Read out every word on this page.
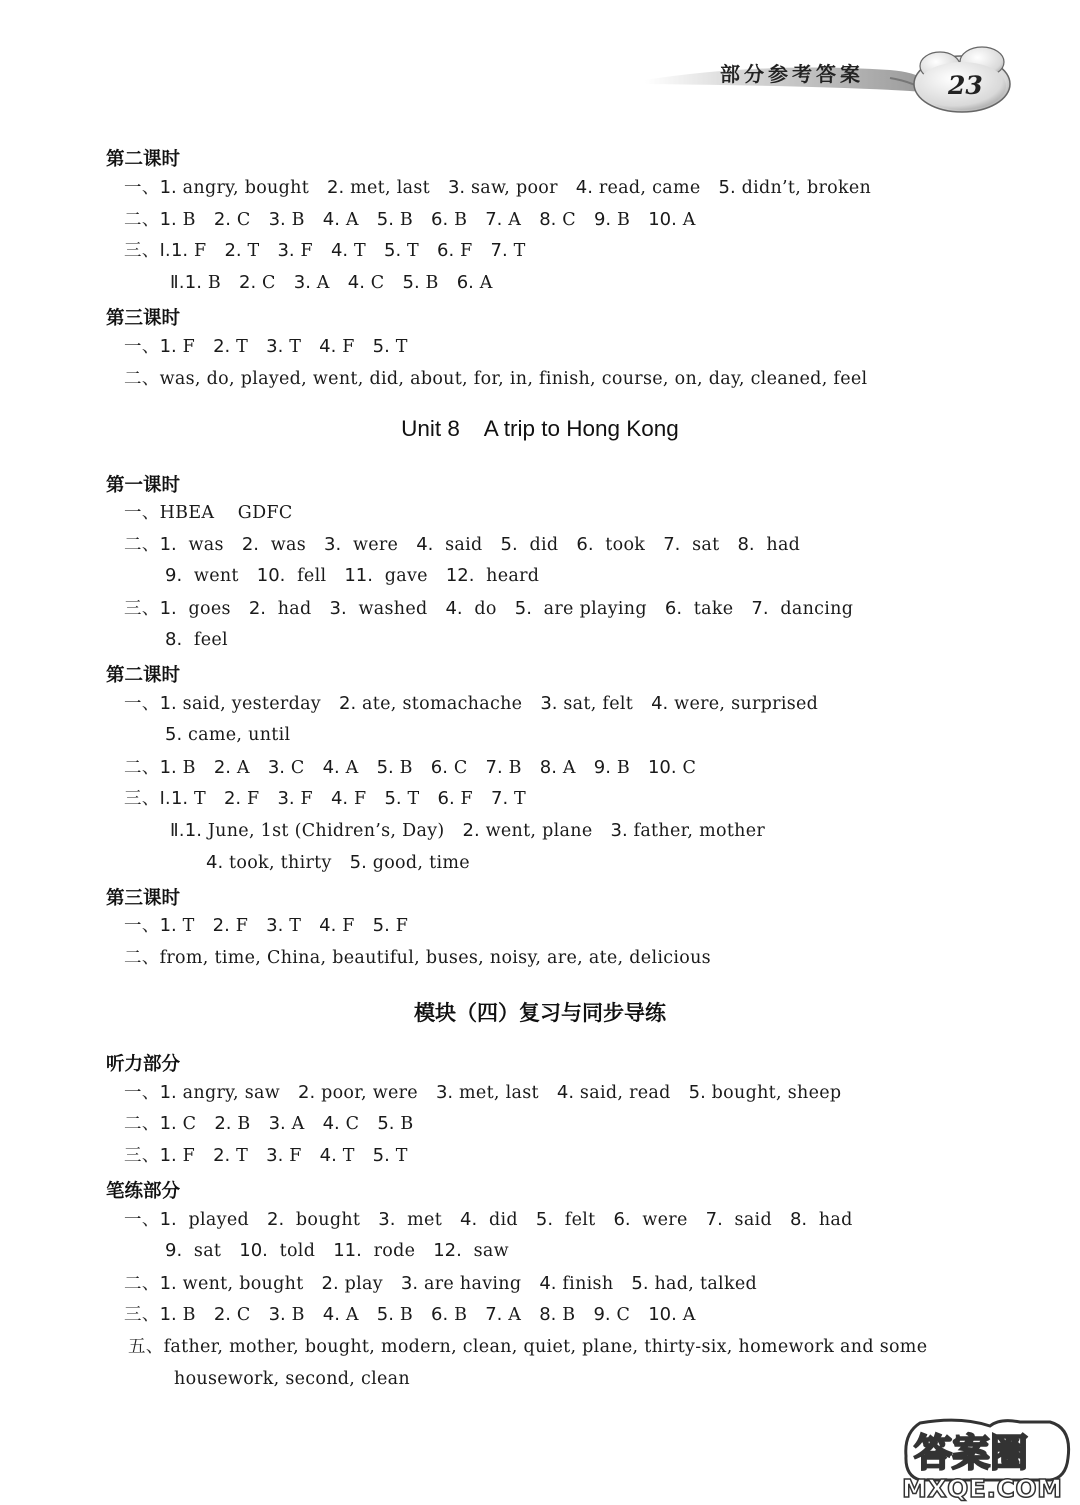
部分参考答案	23
第二课时
一、1. angry, bought 2. met, last 3. saw, poor 4. read, came 5. didn’t, broken
二、1. B 2. C 3. B 4. A 5. B 6. B 7. A 8. C 9. B 10. A
三、Ⅰ.1. F 2. T 3. F 4. T 5. T 6. F 7. T
Ⅱ.1. B 2. C 3. A 4. C 5. B 6. A
第三课时
一、1. F 2. T 3. T 4. F 5. T
二、was, do, played, went, did, about, for, in, finish, course, on, day, cleaned, feel
Unit 8    A trip to Hong Kong
第一课时
一、HBEA    GDFC
二、1.  was 2.  was 3.  were 4.  said 5.  did 6.  took 7.  sat 8.  had
9.  went 10.  fell 11.  gave 12.  heard
三、1.  goes 2.  had 3.  washed 4.  do 5.  are playing 6.  take 7.  dancing
8.  feel
第二课时
一、1. said, yesterday 2. ate, stomachache 3. sat, felt 4. were, surprised
5. came, until
二、1. B 2. A 3. C 4. A 5. B 6. C 7. B 8. A 9. B 10. C
三、Ⅰ.1. T 2. F 3. F 4. F 5. T 6. F 7. T
Ⅱ.1. June, 1st (Chidren’s, Day) 2. went, plane 3. father, mother
4. took, thirty 5. good, time
第三课时
一、1. T 2. F 3. T 4. F 5. F
二、from, time, China, beautiful, buses, noisy, are, ate, delicious
模块（四）复习与同步导练
听力部分
一、1. angry, saw 2. poor, were 3. met, last 4. said, read 5. bought, sheep
二、1. C 2. B 3. A 4. C 5. B
三、1. F 2. T 3. F 4. T 5. T
笔练部分
一、1.  played 2.  bought 3.  met 4.  did 5.  felt 6.  were 7.  said 8.  had
9.  sat 10.  told 11.  rode 12.  saw
二、1. went, bought 2. play 3. are having 4. finish 5. had, talked
三、1. B 2. C 3. B 4. A 5. B 6. B 7. A 8. B 9. C 10. A
五、father, mother, bought, modern, clean, quiet, plane, thirty-six, homework and some
housework, second, clean
答案圈
MXQE.COM
